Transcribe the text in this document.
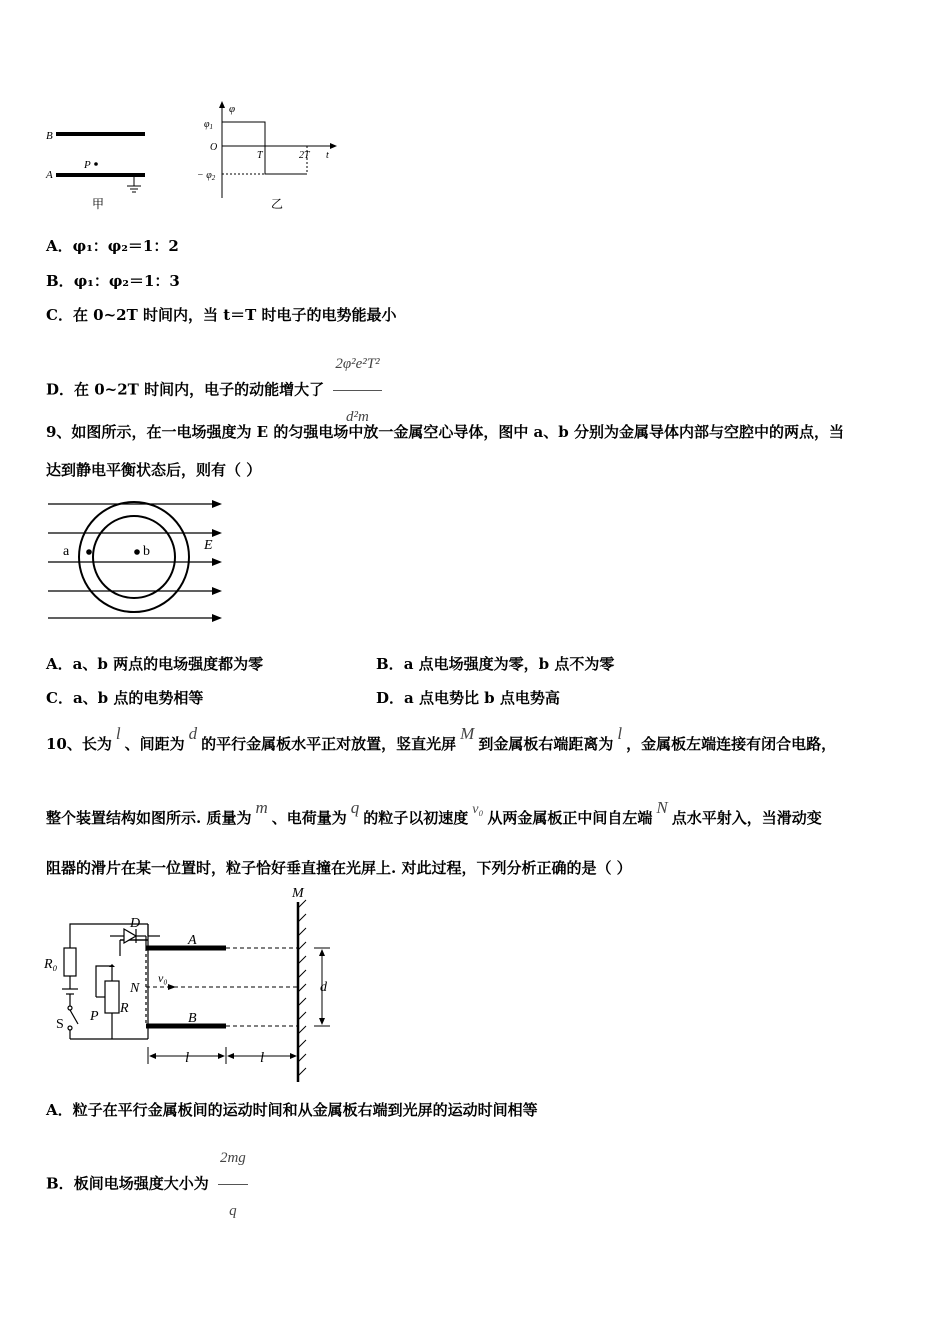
B
P
A
甲
φ
$\varphi_1$
O
T	2T t
− $\varphi_2$
乙
A．φ₁：φ₂＝1：2
B．φ₁：φ₂＝1：3
C．在 0~2T 时间内，当 t＝T 时电子的电势能最小
D．在 0~2T 时间内，电子的动能增大了 $\frac{\text{2φ²e²T²}}{\text{d²m}}$
9、如图所示，在一电场强度为 E 的匀强电场中放一金属空心导体，图中 a、b 分别为金属导体内部与空腔中的两点，当
达到静电平衡状态后，则有（ ）
a	b	E
A．a、b 两点的电场强度都为零	B．a 点电场强度为零，b 点不为零
C．a、b 点的电势相等	D．a 点电势比 b 点电势高
10、长为l、间距为d的平行金属板水平正对放置，竖直光屏M到金属板右端距离为l，金属板左端连接有闭合电路，
整个装置结构如图所示. 质量为m、电荷量为q的粒子以初速度 v₀ 从两金属板正中间自左端N点水平射入，当滑动变
阻器的滑片在某一位置时，粒子恰好垂直撞在光屏上. 对此过程，下列分析正确的是（ ）
M
D
A
B
R₀
N
v₀
d
P
R
S
l	l
A．粒子在平行金属板间的运动时间和从金属板右端到光屏的运动时间相等
B．板间电场强度大小为 $\frac{2mg}{q}$
